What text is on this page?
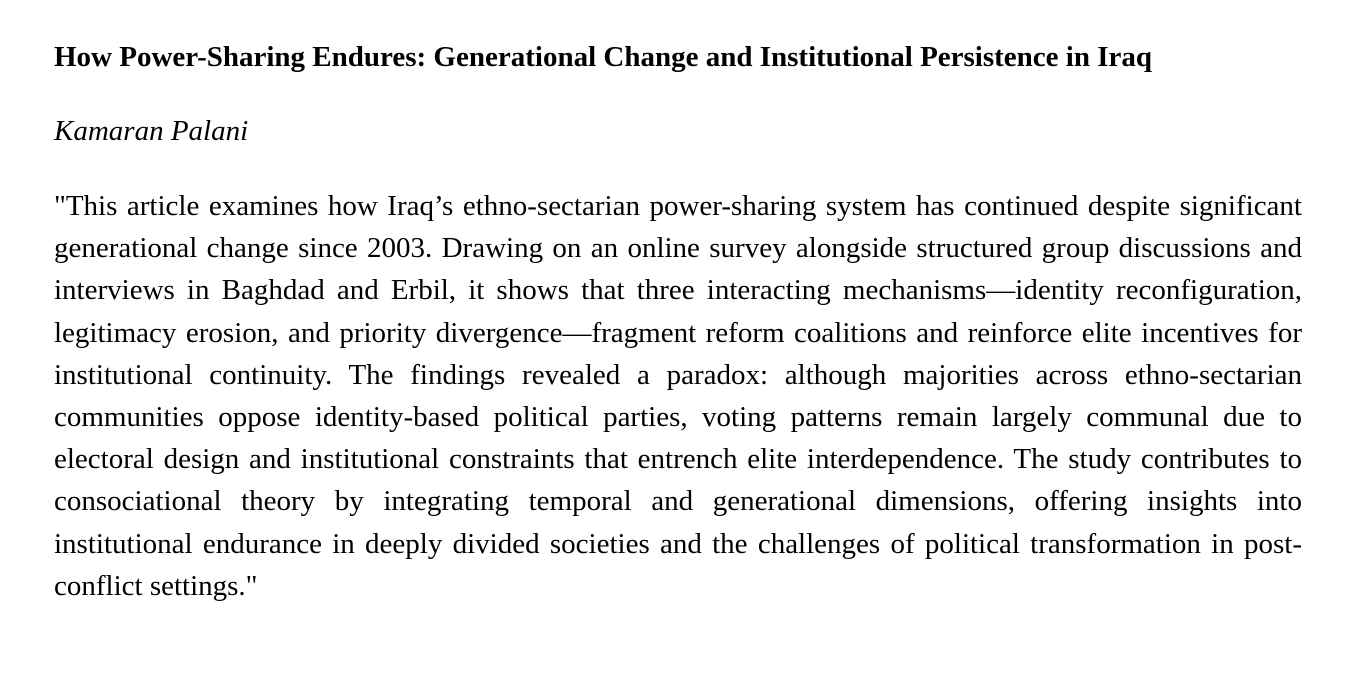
How Power-Sharing Endures: Generational Change and Institutional Persistence in Iraq

Kamaran Palani

"This article examines how Iraq’s ethno-sectarian power-sharing system has continued despite significant generational change since 2003. Drawing on an online survey alongside structured group discussions and interviews in Baghdad and Erbil, it shows that three interacting mechanisms—identity reconfiguration, legitimacy erosion, and priority divergence—fragment reform coalitions and reinforce elite incentives for institutional continuity. The findings revealed a paradox: although majorities across ethno-sectarian communities oppose identity-based political parties, voting patterns remain largely communal due to electoral design and institutional constraints that entrench elite interdependence. The study contributes to consociational theory by integrating temporal and generational dimensions, offering insights into institutional endurance in deeply divided societies and the challenges of political transformation in post-conflict settings."
